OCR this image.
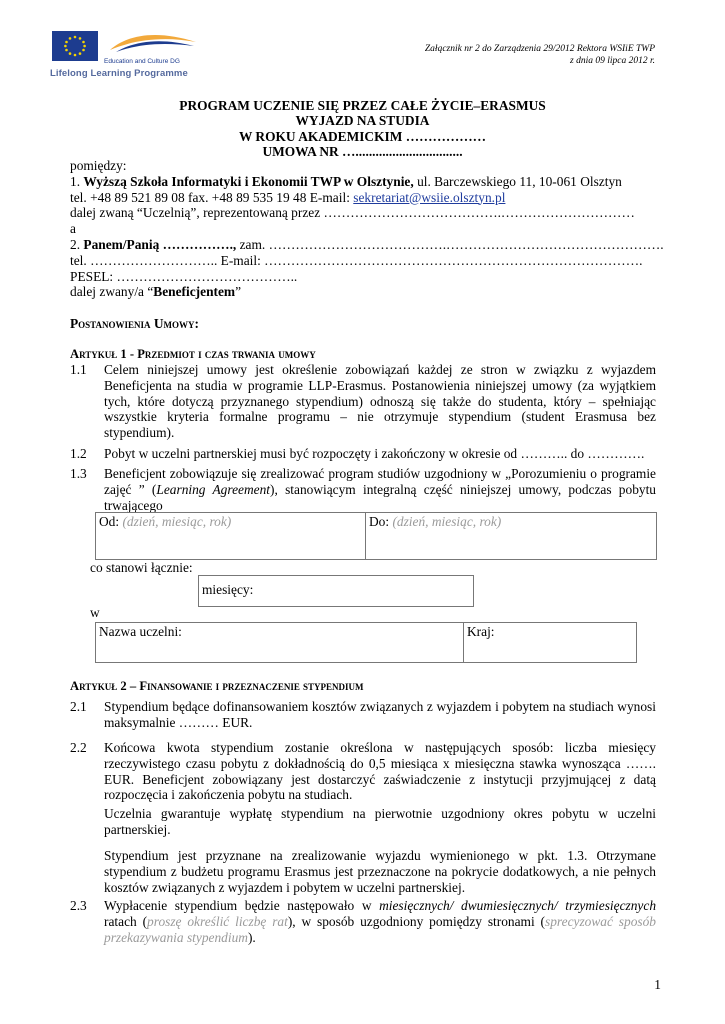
Education and Culture DG
Lifelong Learning Programme
Załącznik nr 2 do Zarządzenia 29/2012 Rektora WSIiE TWP
z dnia 09 lipca 2012 r.
PROGRAM UCZENIE SIĘ PRZEZ CAŁE ŻYCIE–ERASMUS
WYJAZD NA STUDIA
W ROKU AKADEMICKIM ………………
UMOWA NR …................................
pomiędzy:
1. Wyższą Szkoła Informatyki i Ekonomii TWP w Olsztynie, ul. Barczewskiego 11, 10-061 Olsztyn
tel. +48 89 521 89 08 fax. +48 89 535 19 48 E-mail: sekretariat@wsiie.olsztyn.pl
dalej zwaną “Uczelnią”, reprezentowaną przez ………………………………….…………………………
a
2. Panem/Panią ……………., zam. ………………………………….………………………………………….
tel. ……………………….. E-mail: ………………………………………………………………………….
PESEL: …………………………………..
dalej zwany/a “Beneficjentem”
Postanowienia Umowy:
Artykuł 1 - Przedmiot i czas trwania umowy
1.1 Celem niniejszej umowy jest określenie zobowiązań każdej ze stron w związku z wyjazdem Beneficjenta na studia w programie LLP-Erasmus. Postanowienia niniejszej umowy (za wyjątkiem tych, które dotyczą przyznanego stypendium) odnoszą się także do studenta, który – spełniając wszystkie kryteria formalne programu – nie otrzymuje stypendium (student Erasmusa bez stypendium).
1.2 Pobyt w uczelni partnerskiej musi być rozpoczęty i zakończony w okresie od ……….. do ………….
1.3 Beneficjent zobowiązuje się zrealizować program studiów uzgodniony w „Porozumieniu o programie zajęć ” (Learning Agreement), stanowiącym integralną część niniejszej umowy, podczas pobytu trwającego
Od: (dzień, miesiąc, rok)	Do: (dzień, miesiąc, rok)
co stanowi łącznie:
miesięcy:
w
Nazwa uczelni:	Kraj:
Artykuł 2 – Finansowanie i przeznaczenie stypendium
2.1 Stypendium będące dofinansowaniem kosztów związanych z wyjazdem i pobytem na studiach wynosi maksymalnie ……… EUR.
2.2 Końcowa kwota stypendium zostanie określona w następujących sposób: liczba miesięcy rzeczywistego czasu pobytu z dokładnością do 0,5 miesiąca x miesięczna stawka wynosząca ……. EUR. Beneficjent zobowiązany jest dostarczyć zaświadczenie z instytucji przyjmującej z datą rozpoczęcia i zakończenia pobytu na studiach.
Uczelnia gwarantuje wypłatę stypendium na pierwotnie uzgodniony okres pobytu w uczelni partnerskiej.
Stypendium jest przyznane na zrealizowanie wyjazdu wymienionego w pkt. 1.3. Otrzymane stypendium z budżetu programu Erasmus jest przeznaczone na pokrycie dodatkowych, a nie pełnych kosztów związanych z wyjazdem i pobytem w uczelni partnerskiej.
2.3 Wypłacenie stypendium będzie następowało w miesięcznych/ dwumiesięcznych/ trzymiesięcznych ratach (proszę określić liczbę rat), w sposób uzgodniony pomiędzy stronami (sprecyzować sposób przekazywania stypendium).
1
